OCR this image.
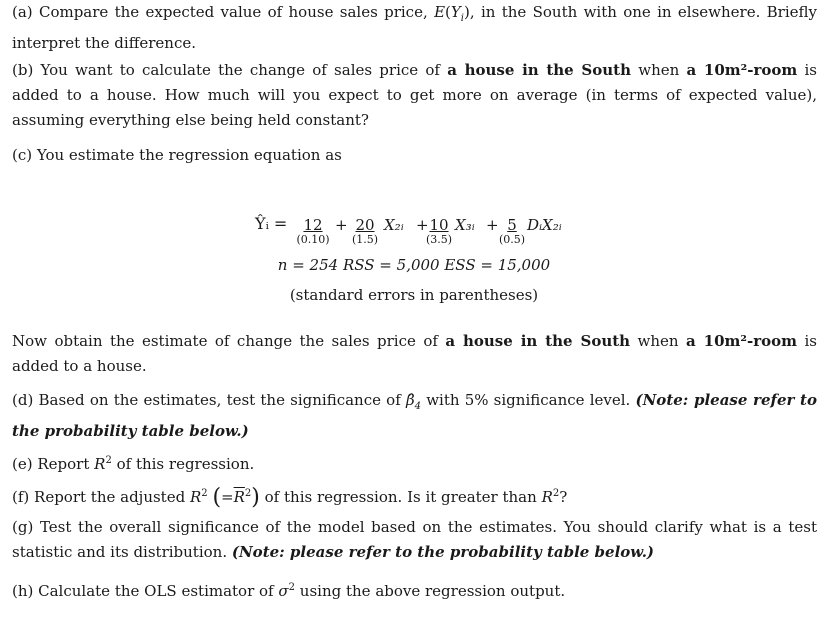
(a) Compare the expected value of house sales price, $E(Y_i)$, in the South with one in elsewhere. Briefly interpret the difference.
(b) You want to calculate the change of sales price of a house in the South when a 10m²-room is added to a house. How much will you expect to get more on average (in terms of expected value), assuming everything else being held constant?
(c) You estimate the regression equation as
Ŷᵢ =	12
(0.10)
+ 20
(1.5)
X₂ᵢ + 10
(3.5)
X₃ᵢ + 5
(0.5)
DᵢX₂ᵢ
n = 254 RSS = 5,000 ESS = 15,000
(standard errors in parentheses)
Now obtain the estimate of change the sales price of a house in the South when a 10m²-room is added to a house.
(d) Based on the estimates, test the significance of $\betâ_4$ with 5% significance level. (Note: please refer to the probability table below.)
(e) Report $R^2$ of this regression.
(f) Report the adjusted $R^2$ $(=\overline{R}^2)$ of this regression. Is it greater than $R^2$?
(g) Test the overall significance of the model based on the estimates. You should clarify what is a test statistic and its distribution. (Note: please refer to the probability table below.)
(h) Calculate the OLS estimator of $\sigma^2$ using the above regression output.
